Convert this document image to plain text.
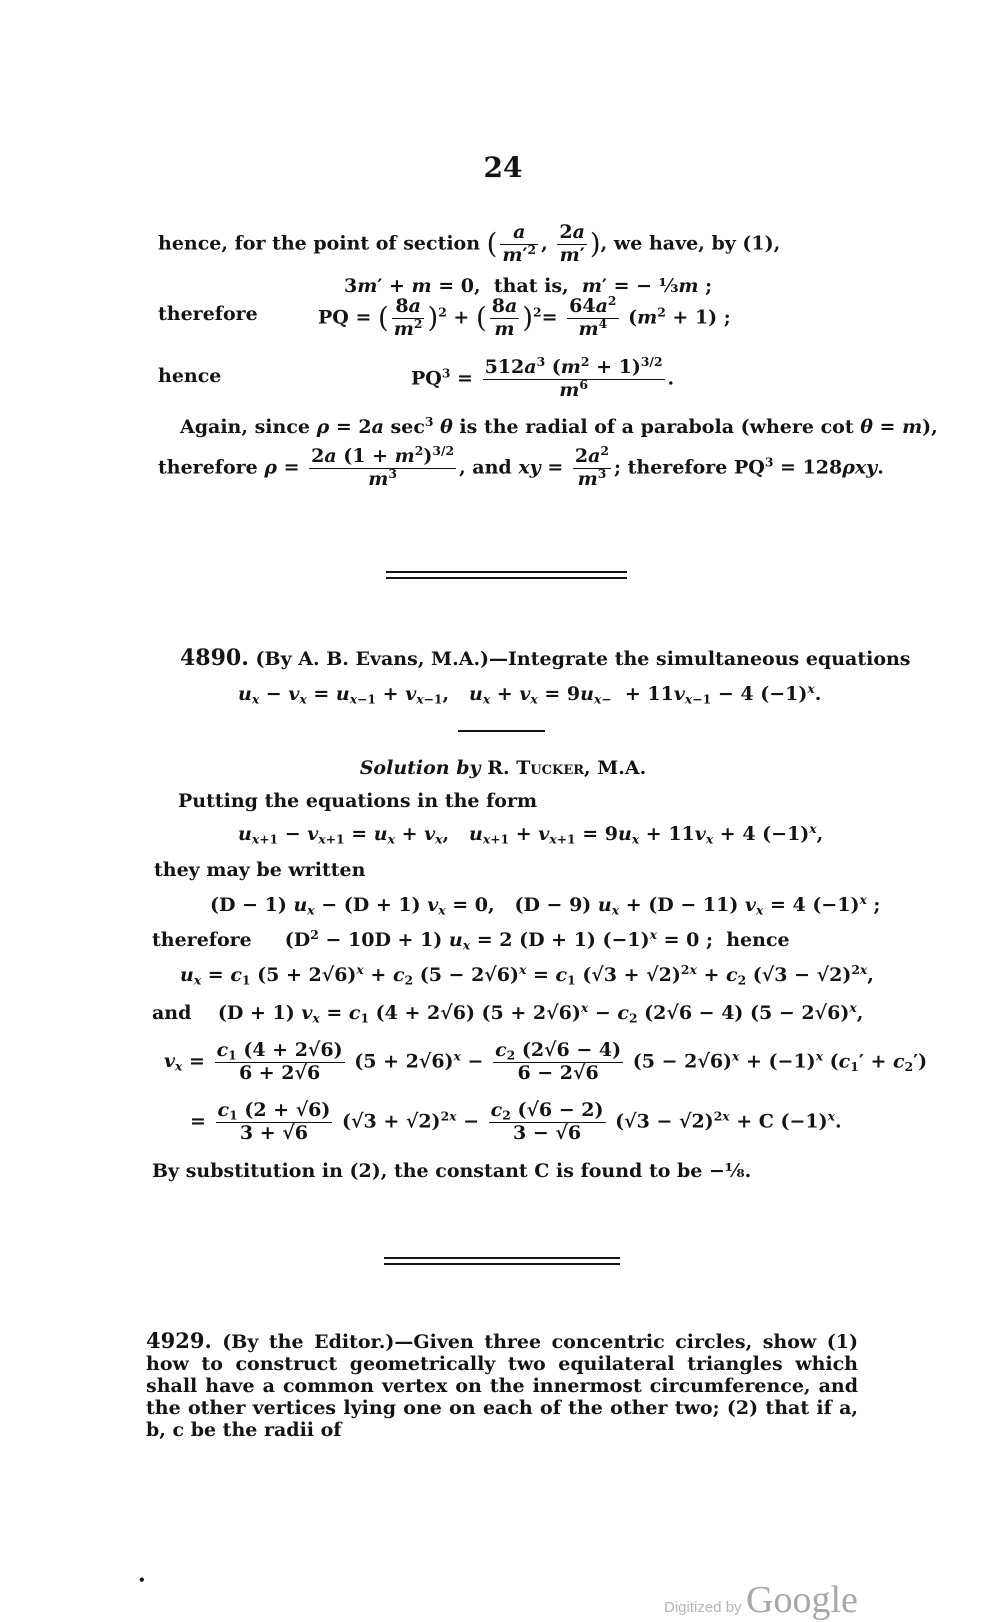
24
hence, for the point of section ( $\frac{a}{m'^2}$ , $\frac{2a}{m'}$ ), we have, by (1),
3m′ + m = 0,  that is,  m′ = − ⅓m ;
therefore	PQ = ( $\frac{8a}{m^2} )^2$ + ( $\frac{8a}{m} )^2= \frac{64a^2}{m^4} (m^2 + 1)$ ;
hence	$PQ^3 = \frac{512a^3 (m^2 + 1)^{3/2}}{m^6}$ .
Again, since ρ = 2a $\sec^3 \theta$ is the radial of a parabola (where cot θ = m),
therefore $\rho = \frac{2a (1 + m^2)^{3/2}}{m^3}$ , and xy = $\frac{2a^2}{m^3}$ ; therefore $PQ^3 = 128\rho xy$.
4890. (By A. B. Evans, M.A.)—Integrate the simultaneous equations
$u_x - v_x = u_{x-1} + v_{x-1}$,   $u_x + v_x = 9u_{x-} + 11v_{x-1} - 4$ $(-1)^x$.
Solution by R. Tucker, M.A.
Putting the equations in the form
$u_{x+1} - v_{x+1} = u_x + v_x$,   $u_{x+1} + v_{x+1} = 9u_x + 11v_x + 4$ $(-1)^x$,
they may be written
(D − 1) $u_x - (D + 1) v_x = 0$,   (D − 9) $u_x + (D - 11) v_x = 4$ $(-1)^x$ ;
therefore     $(D^2 - 10D + 1) u_x = 2$ (D + 1) $(-1)^x = 0$ ;  hence
$u_x = c_1$ $(5 + 2√6)^x + c_2$ $(5 - 2√6)^x = c_1$ $(√3 + √2)^{2x} + c_2$ $(√3 - √2)^{2x}$,
and    (D + 1) $v_x = c_1$ (4 + 2√6) $(5 + 2√6)^x - c_2$ (2√6 − 4) $(5 - 2√6)^x$,
$v_x = \frac{c_1 (4 + 2√6)}{6 + 2√6} (5 + 2√6)^x - \frac{c_2 (2√6 - 4)}{6 - 2√6} (5 - 2√6)^x + (-1)^x$ $(c_1' + c_2')$
= $\frac{c_1 (2 + √6)}{3 + √6} (√3 + √2)^{2x} - \frac{c_2 (√6 - 2)}{3 - √6} (√3 - √2)^{2x} + C$ $(-1)^x$.
By substitution in (2), the constant C is found to be −⅛.
4929. (By the Editor.)—Given three concentric circles, show (1) how to construct geometrically two equilateral triangles which shall have a common vertex on the innermost circumference, and the other vertices lying one on each of the other two; (2) that if a, b, c be the radii of
•
Digitized by Google
